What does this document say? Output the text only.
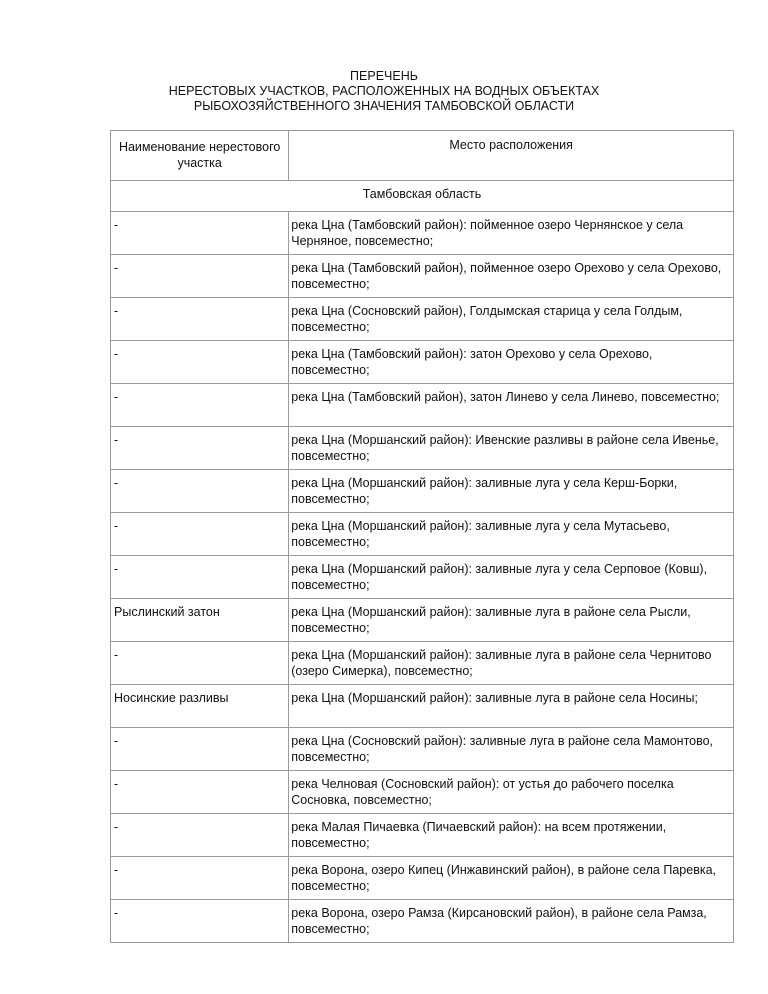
ПЕРЕЧЕНЬ
НЕРЕСТОВЫХ УЧАСТКОВ, РАСПОЛОЖЕННЫХ НА ВОДНЫХ ОБЪЕКТАХ
РЫБОХОЗЯЙСТВЕННОГО ЗНАЧЕНИЯ ТАМБОВСКОЙ ОБЛАСТИ
Наименование нерестового участка	Место расположения
Тамбовская область	
-	река Цна (Тамбовский район): пойменное озеро Чернянское у села Черняное, повсеместно;
-	река Цна (Тамбовский район), пойменное озеро Орехово у села Орехово, повсеместно;
-	река Цна (Сосновский район), Голдымская старица у села Голдым, повсеместно;
-	река Цна (Тамбовский район): затон Орехово у села Орехово, повсеместно;
-	река Цна (Тамбовский район), затон Линево у села Линево, повсеместно;
-	река Цна (Моршанский район): Ивенские разливы в районе села Ивенье, повсеместно;
-	река Цна (Моршанский район): заливные луга у села Керш-Борки, повсеместно;
-	река Цна (Моршанский район): заливные луга у села Мутасьево, повсеместно;
-	река Цна (Моршанский район): заливные луга у села Серповое (Ковш), повсеместно;
Рыслинский затон	река Цна (Моршанский район): заливные луга в районе села Рысли, повсеместно;
-	река Цна (Моршанский район): заливные луга в районе села Чернитово (озеро Симерка), повсеместно;
Носинские разливы	река Цна (Моршанский район): заливные луга в районе села Носины;
-	река Цна (Сосновский район): заливные луга в районе села Мамонтово, повсеместно;
-	река Челновая (Сосновский район): от устья до рабочего поселка Сосновка, повсеместно;
-	река Малая Пичаевка (Пичаевский район): на всем протяжении, повсеместно;
-	река Ворона, озеро Кипец (Инжавинский район), в районе села Паревка, повсеместно;
-	река Ворона, озеро Рамза (Кирсановский район), в районе села Рамза, повсеместно;
